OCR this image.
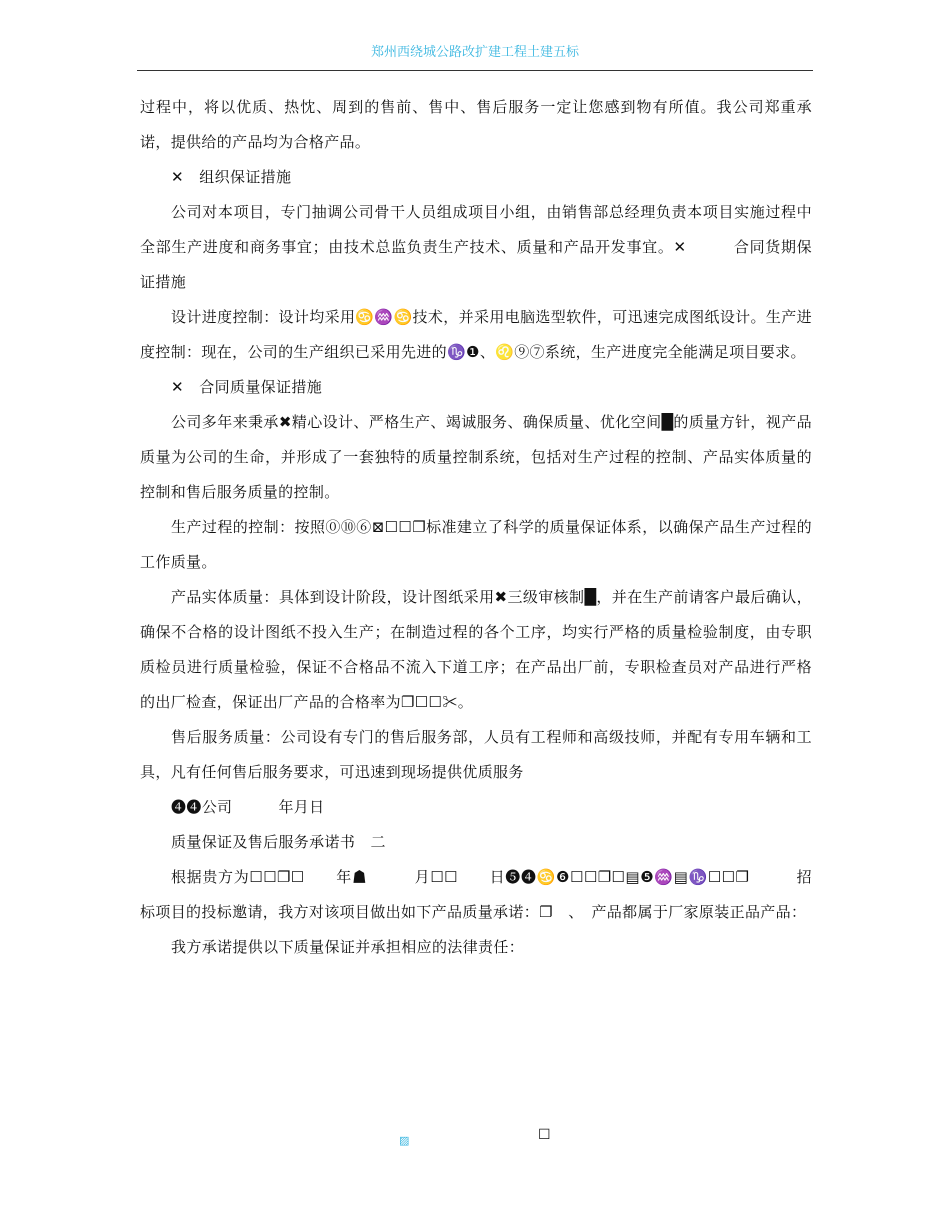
郑州西绕城公路改扩建工程土建五标

过程中，将以优质、热忱、周到的售前、售中、售后服务一定让您感到物有所值。我公司郑重承诺，提供给的产品均为合格产品。

✕　组织保证措施

公司对本项目，专门抽调公司骨干人员组成项目小组，由销售部总经理负责本项目实施过程中全部生产进度和商务事宜；由技术总监负责生产技术、质量和产品开发事宜。✕　　　合同货期保证措施

设计进度控制：设计均采用♋♒♋技术，并采用电脑选型软件，可迅速完成图纸设计。生产进度控制：现在，公司的生产组织已采用先进的♑❶、♌⑨⑦系统，生产进度完全能满足项目要求。

✕　合同质量保证措施

公司多年来秉承✖精心设计、严格生产、竭诚服务、确保质量、优化空间█的质量方针，视产品质量为公司的生命，并形成了一套独特的质量控制系统，包括对生产过程的控制、产品实体质量的控制和售后服务质量的控制。

生产过程的控制：按照⓪⑩⑥⊠☐☐❐标准建立了科学的质量保证体系，以确保产品生产过程的工作质量。

产品实体质量：具体到设计阶段，设计图纸采用✖三级审核制█，并在生产前请客户最后确认，确保不合格的设计图纸不投入生产；在制造过程的各个工序，均实行严格的质量检验制度，由专职质检员进行质量检验，保证不合格品不流入下道工序；在产品出厂前，专职检查员对产品进行严格的出厂检查，保证出厂产品的合格率为❐☐☐✂。

售后服务质量：公司设有专门的售后服务部，人员有工程师和高级技师，并配有专用车辆和工具，凡有任何售后服务要求，可迅速到现场提供优质服务

❹❹公司　　　年月日

质量保证及售后服务承诺书　二

根据贵方为☐☐❐☐　　年☗　　　月☐☐　　日❺❹♋❻☐☐❐☐▤❺♒▤♑☐☐❐　　　招标项目的投标邀请，我方对该项目做出如下产品质量承诺：❐　、　产品都属于厂家原装正品产品：

我方承诺提供以下质量保证并承担相应的法律责任：

▨	☐
